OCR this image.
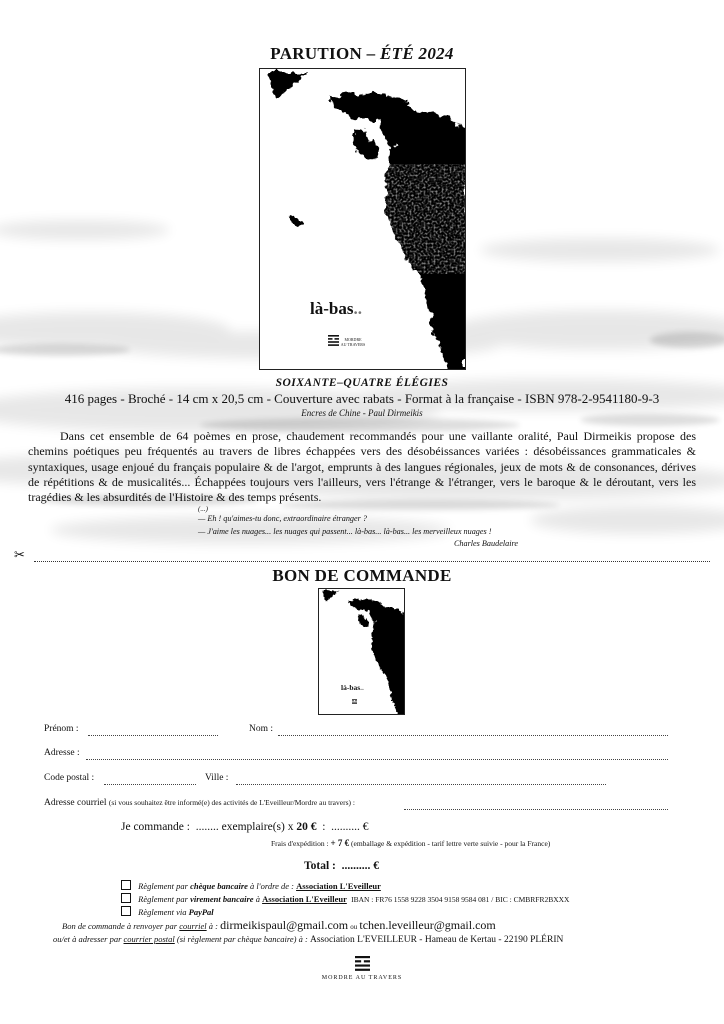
PARUTION – ÉTÉ 2024
là-bas..
MORDRE
AU TRAVERS
SOIXANTE–QUATRE ÉLÉGIES
416 pages - Broché - 14 cm x 20,5 cm - Couverture avec rabats - Format à la française - ISBN 978-2-9541180-9-3
Encres de Chine - Paul Dirmeikis
Dans cet ensemble de 64 poèmes en prose, chaudement recommandés pour une vaillante oralité, Paul Dirmeikis propose des chemins poétiques peu fréquentés au travers de libres échappées vers des désobéissances variées : désobéissances grammaticales & syntaxiques, usage enjoué du français populaire & de l'argot, emprunts à des langues régionales, jeux de mots & de consonances, dérives de répétitions & de musicalités... Échappées toujours vers l'ailleurs, vers l'étrange & l'étranger, vers le baroque & le déroutant, vers les tragédies & les absurdités de l'Histoire & des temps présents.
(...)
— Eh ! qu'aimes-tu donc, extraordinaire étranger ?
— J'aime les nuages... les nuages qui passent... là-bas... là-bas... les merveilleux nuages !
Charles Baudelaire
✂
BON DE COMMANDE
là-bas..
Prénom :	Nom :
Adresse :
Code postal :	Ville :
Adresse courriel (si vous souhaitez être informé(e) des activités de L'Eveilleur/Mordre au travers) :
Je commande : ........ exemplaire(s) x 20 € : .......... €
Frais d'expédition : + 7 € (emballage & expédition - tarif lettre verte suivie - pour la France)
Total : .......... €
Règlement par chèque bancaire à l'ordre de : Association L'Eveilleur
Règlement par virement bancaire à Association L'Eveilleur IBAN : FR76 1558 9228 3504 9158 9584 081 / BIC : CMBRFR2BXXX
Règlement via PayPal
Bon de commande à renvoyer par courriel à : dirmeikispaul@gmail.com ou tchen.leveilleur@gmail.com
ou/et à adresser par courrier postal (si règlement par chèque bancaire) à : Association L'EVEILLEUR - Hameau de Kertau - 22190 PLÉRIN
MORDRE AU TRAVERS
